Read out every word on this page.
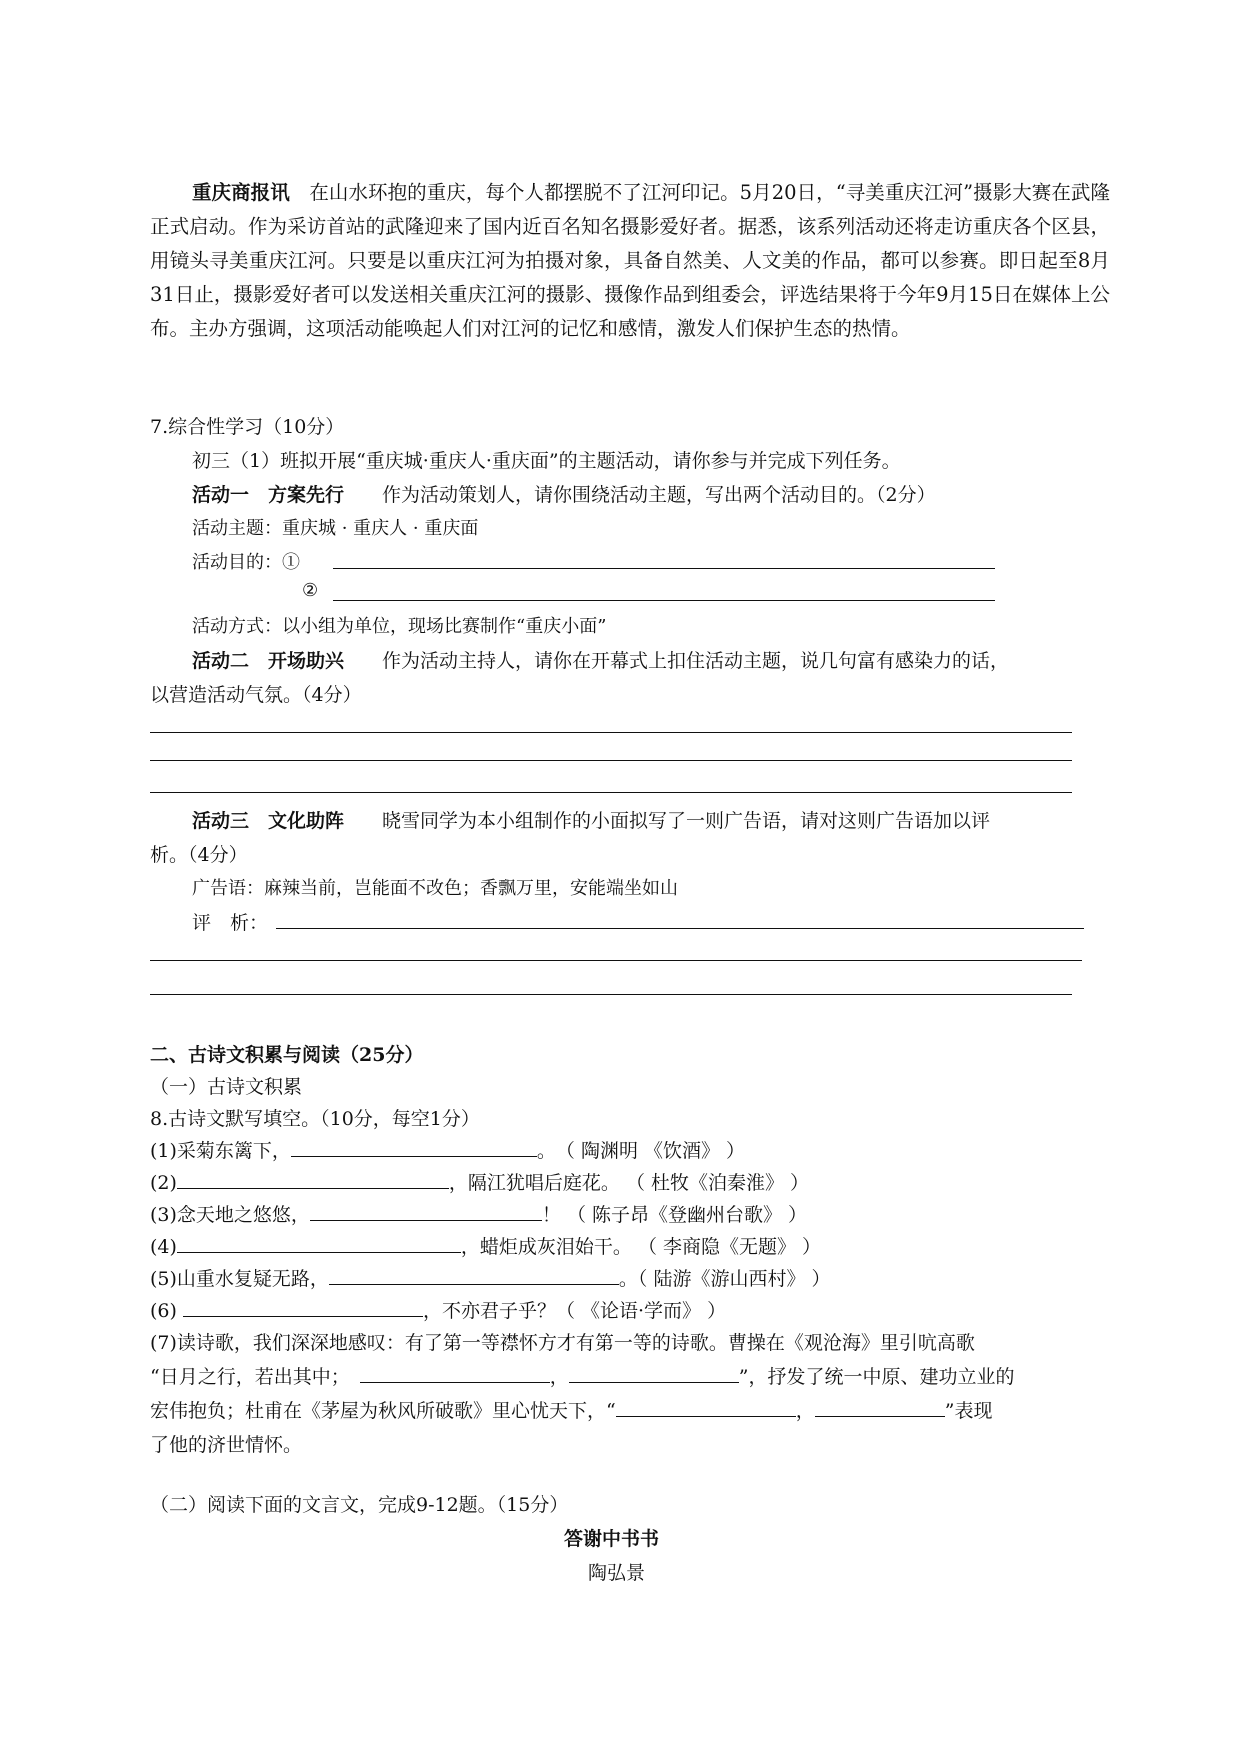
重庆商报讯　 在山水环抱的重庆，每个人都摆脱不了江河印记。5月20日，“寻美重庆江河”摄影大赛在武隆正式启动。作为采访首站的武隆迎来了国内近百名知名摄影爱好者。据悉，该系列活动还将走访重庆各个区县，用镜头寻美重庆江河。只要是以重庆江河为拍摄对象，具备自然美、人文美的作品，都可以参赛。即日起至8月31日止，摄影爱好者可以发送相关重庆江河的摄影、摄像作品到组委会，评选结果将于今年9月15日在媒体上公布。主办方强调，这项活动能唤起人们对江河的记忆和感情，激发人们保护生态的热情。
7.综合性学习（10分）
初三（1）班拟开展“重庆城·重庆人·重庆面”的主题活动，请你参与并完成下列任务。
活动一　方案先行　　 作为活动策划人，请你围绕活动主题，写出两个活动目的。（2分）
活动主题：重庆城 · 重庆人 · 重庆面
活动目的：①
②
活动方式：以小组为单位，现场比赛制作“重庆小面”
活动二　开场助兴　　 作为活动主持人，请你在开幕式上扣住活动主题，说几句富有感染力的话，
以营造活动气氛。（4分）
活动三　文化助阵　　 晓雪同学为本小组制作的小面拟写了一则广告语，请对这则广告语加以评
析。（4分）
广告语：麻辣当前，岂能面不改色；香飘万里，安能端坐如山
评　析：
二、古诗文积累与阅读（25分）
（一）古诗文积累
8.古诗文默写填空。（10分，每空1分）
(1)采菊东篱下，	。　（ 陶渊明 《饮酒》 ）
(2)	，隔江犹唱后庭花。 （ 杜牧《泊秦淮》 ）
(3)念天地之悠悠，	！ （ 陈子昂《登幽州台歌》 ）
(4)	，蜡炬成灰泪始干。 （ 李商隐《无题》 ）
(5)山重水复疑无路，	。（ 陆游《游山西村》 ）
(6)	，不亦君子乎？（ 《论语·学而》 ）
(7)读诗歌，我们深深地感叹：有了第一等襟怀方才有第一等的诗歌。曹操在《观沧海》里引吭高歌
“日月之行，若出其中；	，	”，抒发了统一中原、建功立业的
宏伟抱负；杜甫在《茅屋为秋风所破歌》里心忧天下，“	，	”表现
了他的济世情怀。
（二）阅读下面的文言文，完成9-12题。（15分）
答谢中书书
陶弘景
